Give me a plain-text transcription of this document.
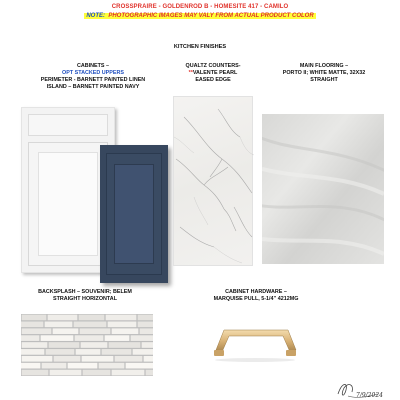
CROSSPRAIRE - GOLDENROD B - HOMESITE 417 - CAMILO
NOTE: PHOTOGRAPHIC IMAGES MAY VALY FROM ACTUAL PRODUCT COLOR
KITCHEN FINISHES
CABINETS –
OPT STACKED UPPERS
PERIMETER - BARNETT PAINTED LINEN
ISLAND – BARNETT PAINTED NAVY
QUALTZ COUNTERS-
**VALENTE PEARL
EASED EDGE
MAIN FLOORING –
PORTO II; WHITE MATTE, 32X32
STRAIGHT
BACKSPLASH – SOUVENIR; BELEM
STRAIGHT HORIZONTAL
CABINET HARDWARE –
MARQUISE PULL, 5-1/4” 4212MG
7/9/2024
